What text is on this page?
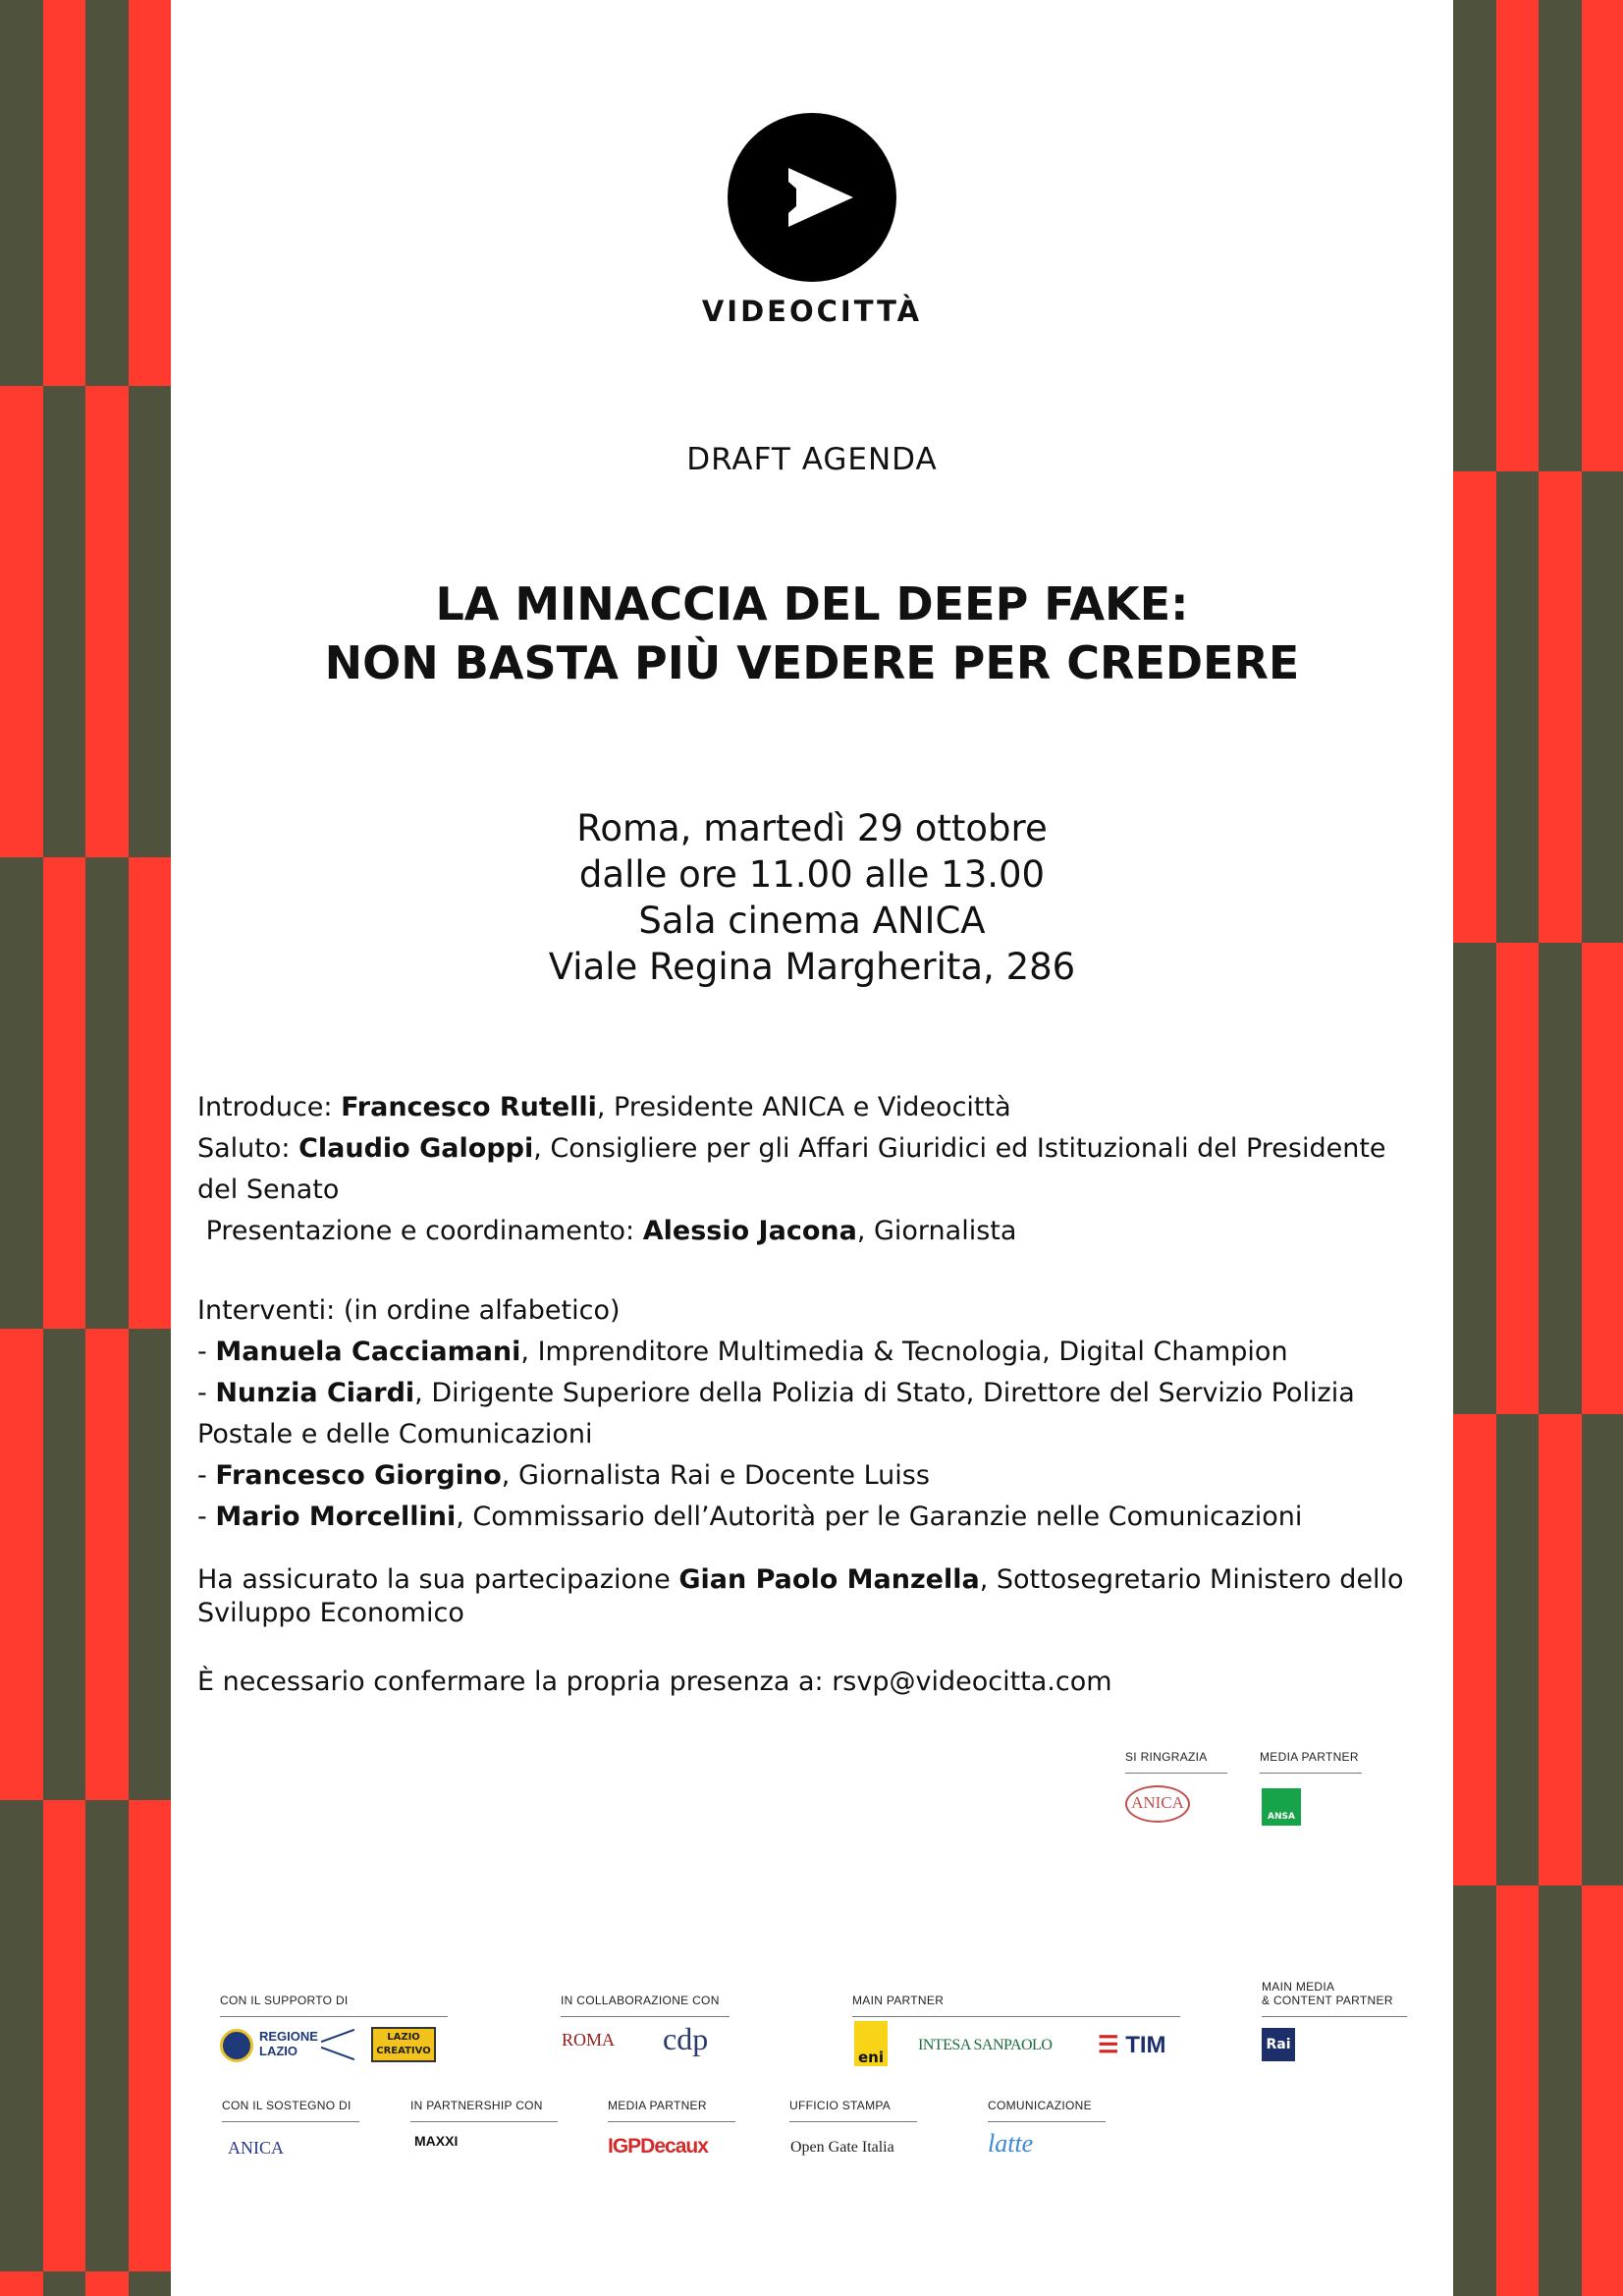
VIDEOCITTÀ
DRAFT AGENDA
LA MINACCIA DEL DEEP FAKE:
NON BASTA PIÙ VEDERE PER CREDERE
Roma, martedì 29 ottobre
dalle ore 11.00 alle 13.00
Sala cinema ANICA
Viale Regina Margherita, 286
Introduce: Francesco Rutelli, Presidente ANICA e Videocittà
Saluto: Claudio Galoppi, Consigliere per gli Affari Giuridici ed Istituzionali del Presidente
del Senato
Presentazione e coordinamento: Alessio Jacona, Giornalista
Interventi: (in ordine alfabetico)
- Manuela Cacciamani, Imprenditore Multimedia & Tecnologia, Digital Champion
- Nunzia Ciardi, Dirigente Superiore della Polizia di Stato, Direttore del Servizio Polizia
Postale e delle Comunicazioni
- Francesco Giorgino, Giornalista Rai e Docente Luiss
- Mario Morcellini, Commissario dell’Autorità per le Garanzie nelle Comunicazioni
Ha assicurato la sua partecipazione Gian Paolo Manzella, Sottosegretario Ministero dello
Sviluppo Economico
È necessario confermare la propria presenza a: rsvp@videocitta.com
SI RINGRAZIA	MEDIA PARTNER
ANICA
ANSA
CON IL SUPPORTO DI	IN COLLABORAZIONE CON	MAIN PARTNER
MAIN MEDIA
& CONTENT PARTNER
REGIONE LAZIO
LAZIO CREATIVO
ROMA cdp
eni
INTESA SANPAOLO ☰ TIM	Rai
CON IL SOSTEGNO DI	IN PARTNERSHIP CON	MEDIA PARTNER	UFFICIO STAMPA	COMUNICAZIONE
ANICA	MAXXI	IGPDecaux	Open Gate Italia	latte
